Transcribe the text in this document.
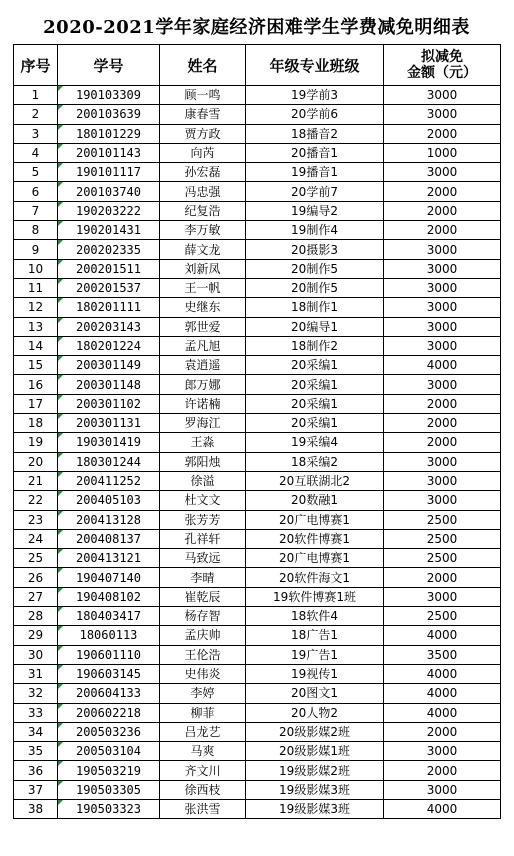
2020-2021学年家庭经济困难学生学费减免明细表
序号	学号	姓名	年级专业班级	拟减免
金额（元）
1	190103309	顾一鸣	19学前3	3000
2	200103639	康春雪	20学前6	3000
3	180101229	贾方政	18播音2	2000
4	200101143	向芮	20播音1	1000
5	190101117	孙宏磊	19播音1	3000
6	200103740	冯忠强	20学前7	2000
7	190203222	纪复浩	19编导2	2000
8	190201431	李万敏	19制作4	2000
9	200202335	薛文龙	20摄影3	3000
10	200201511	刘新凤	20制作5	3000
11	200201537	王一帆	20制作5	3000
12	180201111	史继东	18制作1	3000
13	200203143	郭世爱	20编导1	3000
14	180201224	孟凡旭	18制作2	3000
15	200301149	袁逍遥	20采编1	4000
16	200301148	郎万娜	20采编1	3000
17	200301102	许诺楠	20采编1	2000
18	200301131	罗海江	20采编1	2000
19	190301419	王淼	19采编4	2000
20	180301244	郭阳烛	18采编2	3000
21	200411252	徐溢	20互联湖北2	3000
22	200405103	杜文文	20数融1	3000
23	200413128	张芳芳	20广电博赛1	2500
24	200408137	孔祥轩	20软件博赛1	2500
25	200413121	马致远	20广电博赛1	2500
26	190407140	李晴	20软件海文1	2000
27	190408102	崔乾辰	19软件博赛1班	3000
28	180403417	杨存智	18软件4	2500
29	18060113	孟庆帅	18广告1	4000
30	190601110	王伦浩	19广告1	3500
31	190603145	史伟炎	19视传1	4000
32	200604133	李婷	20图文1	4000
33	200602218	柳菲	20人物2	4000
34	200503236	吕龙艺	20级影媒2班	2000
35	200503104	马爽	20级影媒1班	3000
36	190503219	齐文川	19级影媒2班	2000
37	190503305	徐西枝	19级影媒3班	3000
38	190503323	张洪雪	19级影媒3班	4000
